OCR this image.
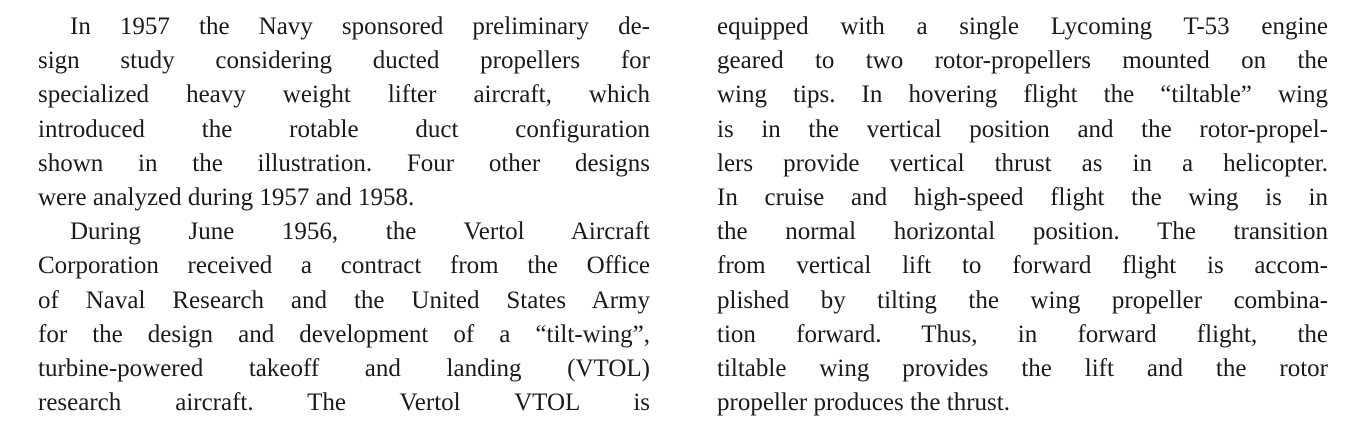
In 1957 the Navy sponsored preliminary de-
sign study considering ducted propellers for
specialized heavy weight lifter aircraft, which
introduced the rotable duct configuration
shown in the illustration. Four other designs
were analyzed during 1957 and 1958.

During June 1956, the Vertol Aircraft
Corporation received a contract from the Office
of Naval Research and the United States Army
for the design and development of a “tilt-wing”,
turbine-powered takeoff and landing (VTOL)
research aircraft. The Vertol VTOL is

equipped with a single Lycoming T-53 engine
geared to two rotor-propellers mounted on the
wing tips. In hovering flight the “tiltable” wing
is in the vertical position and the rotor-propel-
lers provide vertical thrust as in a helicopter.
In cruise and high-speed flight the wing is in
the normal horizontal position. The transition
from vertical lift to forward flight is accom-
plished by tilting the wing propeller combina-
tion forward. Thus, in forward flight, the
tiltable wing provides the lift and the rotor
propeller produces the thrust.
